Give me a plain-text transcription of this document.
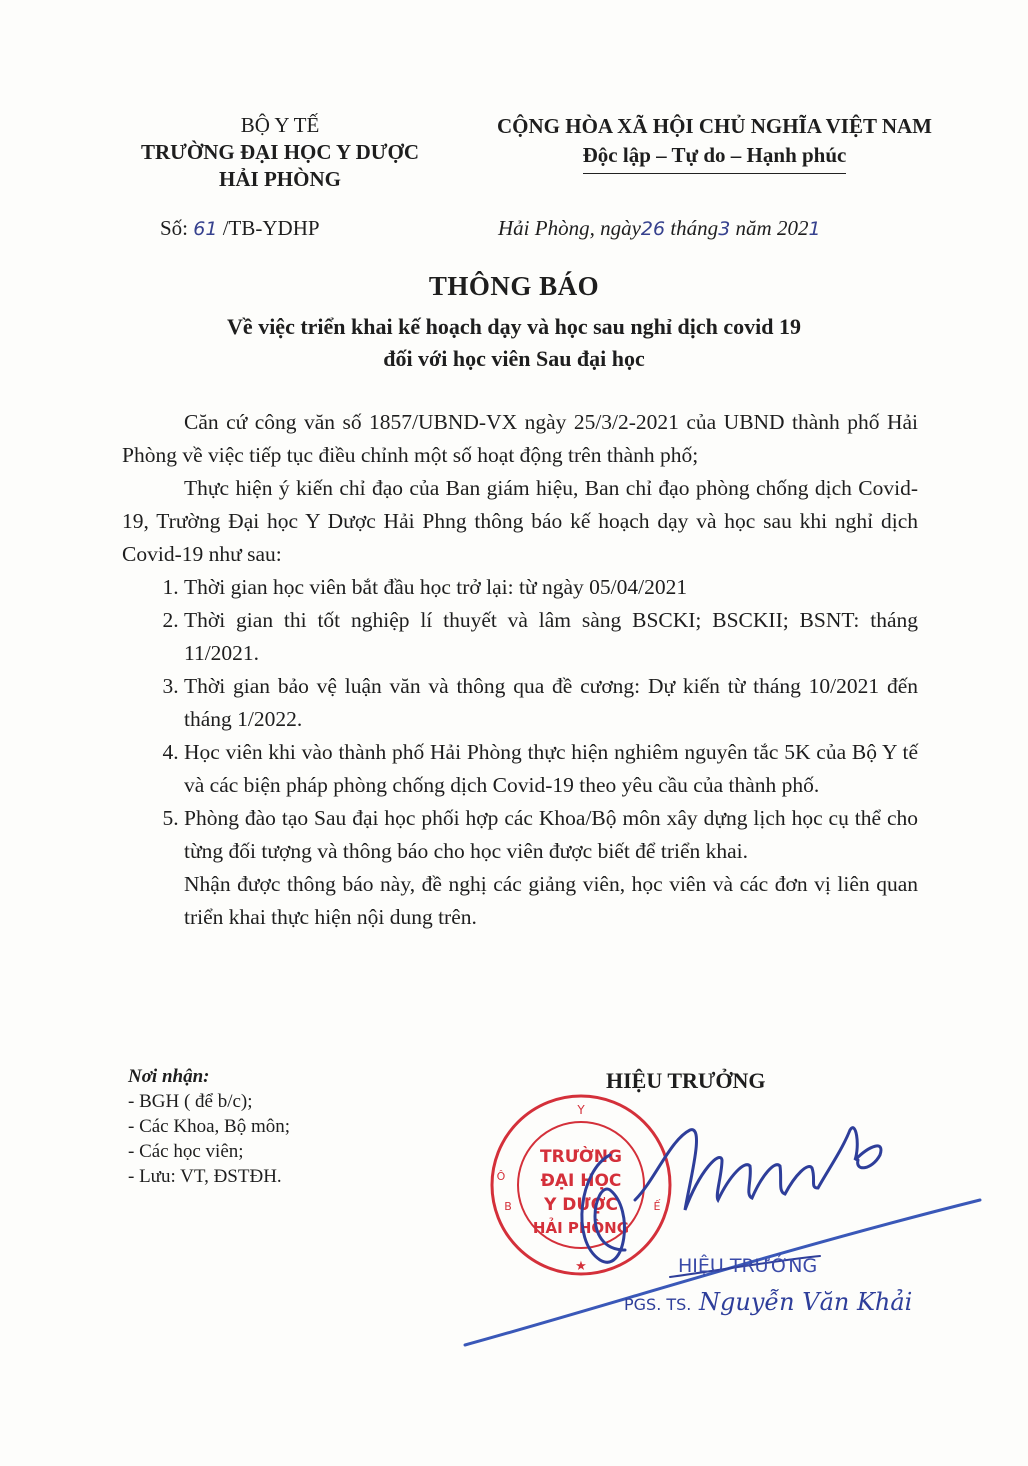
BỘ Y TẾ
TRƯỜNG ĐẠI HỌC Y DƯỢC
HẢI PHÒNG
CỘNG HÒA XÃ HỘI CHỦ NGHĨA VIỆT NAM
Độc lập – Tự do – Hạnh phúc
Số: 61 /TB-YDHP	Hải Phòng, ngày26 tháng3 năm 2021
THÔNG BÁO
Về việc triển khai kế hoạch dạy và học sau nghỉ dịch covid 19
đối với học viên Sau đại học

Căn cứ công văn số 1857/UBND-VX ngày 25/3/2-2021 của UBND thành phố Hải Phòng về việc tiếp tục điều chỉnh một số hoạt động trên thành phố;

Thực hiện ý kiến chỉ đạo của Ban giám hiệu, Ban chỉ đạo phòng chống dịch Covid-19, Trường Đại học Y Dược Hải Phng thông báo kế hoạch dạy và học sau khi nghỉ dịch Covid-19 như sau:

1. Thời gian học viên bắt đầu học trở lại: từ ngày 05/04/2021
2. Thời gian thi tốt nghiệp lí thuyết và lâm sàng BSCKI; BSCKII; BSNT: tháng 11/2021.
3. Thời gian bảo vệ luận văn và thông qua đề cương: Dự kiến từ tháng 10/2021 đến tháng 1/2022.
4. Học viên khi vào thành phố Hải Phòng thực hiện nghiêm nguyên tắc 5K của Bộ Y tế và các biện pháp phòng chống dịch Covid-19 theo yêu cầu của thành phố.
5. Phòng đào tạo Sau đại học phối hợp các Khoa/Bộ môn xây dựng lịch học cụ thể cho từng đối tượng và thông báo cho học viên được biết để triển khai.
Nhận được thông báo này, đề nghị các giảng viên, học viên và các đơn vị liên quan triển khai thực hiện nội dung trên.
Nơi nhận:
- BGH ( để b/c);
- Các Khoa, Bộ môn;
- Các học viên;
- Lưu: VT, ĐSTĐH.
HIỆU TRƯỞNG
Y
Ô
B	Ế
★
TRƯỜNG
ĐẠI HỌC
Y DƯỢC
HẢI PHÒNG
HIỆU TRƯỞNG
PGS. TS. Nguyễn Văn Khải
